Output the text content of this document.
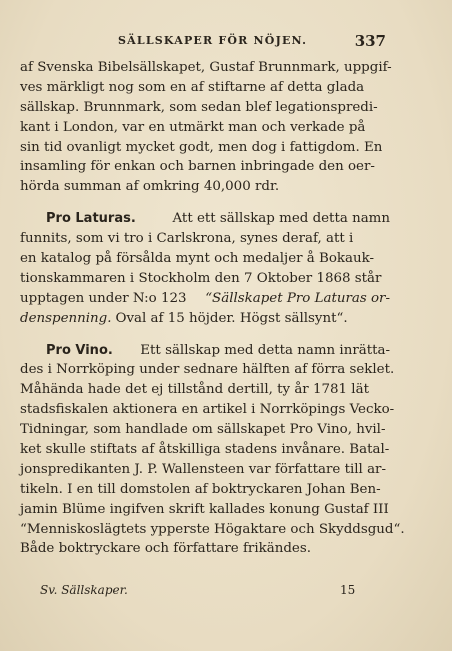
SÄLLSKAPER FÖR NÖJEN.	337
af Svenska Bibelsällskapet, Gustaf Brunnmark, uppgif-
ves märkligt nog som en af stiftarne af detta glada
sällskap. Brunnmark, som sedan blef legationspredi-
kant i London, var en utmärkt man och verkade på
sin tid ovanligt mycket godt, men dog i fattigdom. En
insamling för enkan och barnen inbringade den oer-
hörda summan af omkring 40,000 rdr.
Pro Laturas.	Att ett sällskap med detta namn
funnits, som vi tro i Carlskrona, synes deraf, att i
en katalog på försålda mynt och medaljer å Bokauk-
tionskammaren i Stockholm den 7 Oktober 1868 står
upptagen under N:o 123 “Sällskapet Pro Laturas or-
denspenning. Oval af 15 höjder. Högst sällsynt“.
Pro Vino. Ett sällskap med detta namn inrätta-
des i Norrköping under sednare hälften af förra seklet.
Måhända hade det ej tillstånd dertill, ty år 1781 lät
stadsfiskalen aktionera en artikel i Norrköpings Vecko-
Tidningar, som handlade om sällskapet Pro Vino, hvil-
ket skulle stiftats af åtskilliga stadens invånare. Batal-
jonspredikanten J. P. Wallensteen var författare till ar-
tikeln. I en till domstolen af boktryckaren Johan Ben-
jamin Blüme ingifven skrift kallades konung Gustaf III
“Menniskoslägtets ypperste Högaktare och Skyddsgud“.
Både boktryckare och författare frikändes.
Sv. Sällskaper.	15
